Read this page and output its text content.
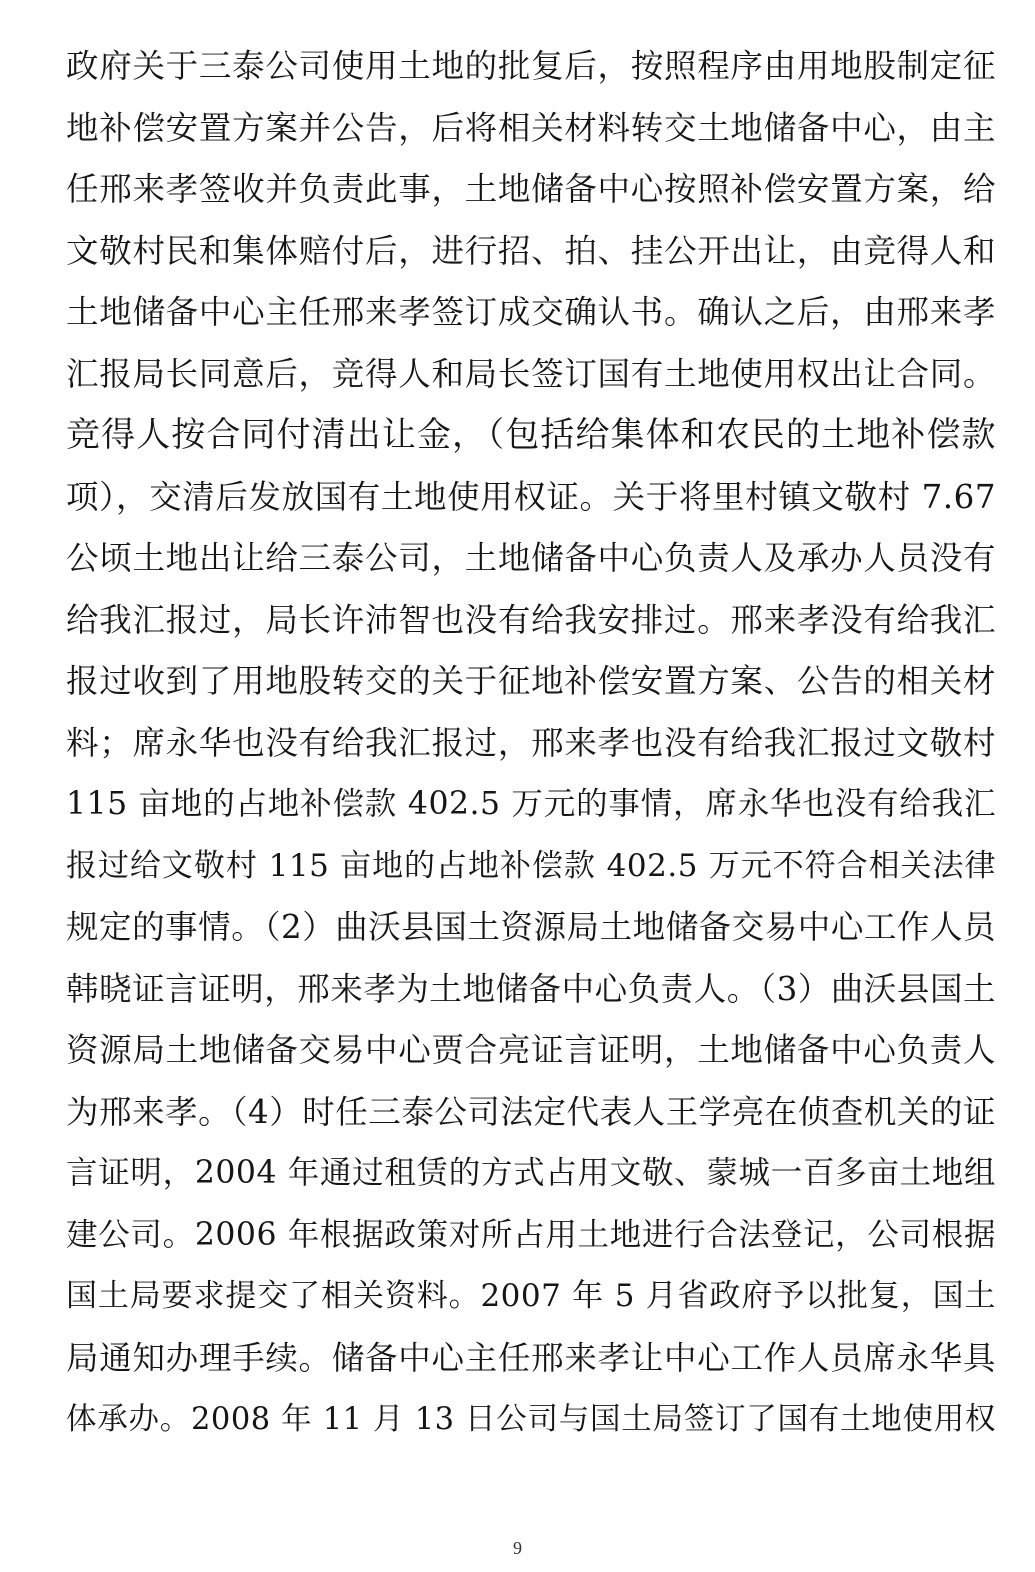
政府关于三泰公司使用土地的批复后，按照程序由用地股制定征
地补偿安置方案并公告，后将相关材料转交土地储备中心，由主
任邢来孝签收并负责此事，土地储备中心按照补偿安置方案，给
文敬村民和集体赔付后，进行招、拍、挂公开出让，由竞得人和
土地储备中心主任邢来孝签订成交确认书。确认之后，由邢来孝
汇报局长同意后，竞得人和局长签订国有土地使用权出让合同。
竞得人按合同付清出让金，（包括给集体和农民的土地补偿款
项），交清后发放国有土地使用权证。关于将里村镇文敬村 7.67
公顷土地出让给三泰公司，土地储备中心负责人及承办人员没有
给我汇报过，局长许沛智也没有给我安排过。邢来孝没有给我汇
报过收到了用地股转交的关于征地补偿安置方案、公告的相关材
料；席永华也没有给我汇报过，邢来孝也没有给我汇报过文敬村
115 亩地的占地补偿款 402.5 万元的事情，席永华也没有给我汇
报过给文敬村 115 亩地的占地补偿款 402.5 万元不符合相关法律
规定的事情。（2）曲沃县国土资源局土地储备交易中心工作人员
韩晓证言证明，邢来孝为土地储备中心负责人。（3）曲沃县国土
资源局土地储备交易中心贾合亮证言证明，土地储备中心负责人
为邢来孝。（4）时任三泰公司法定代表人王学亮在侦查机关的证
言证明，2004 年通过租赁的方式占用文敬、蒙城一百多亩土地组
建公司。2006 年根据政策对所占用土地进行合法登记，公司根据
国土局要求提交了相关资料。2007 年 5 月省政府予以批复，国土
局通知办理手续。储备中心主任邢来孝让中心工作人员席永华具
体承办。2008 年 11 月 13 日公司与国土局签订了国有土地使用权
9
